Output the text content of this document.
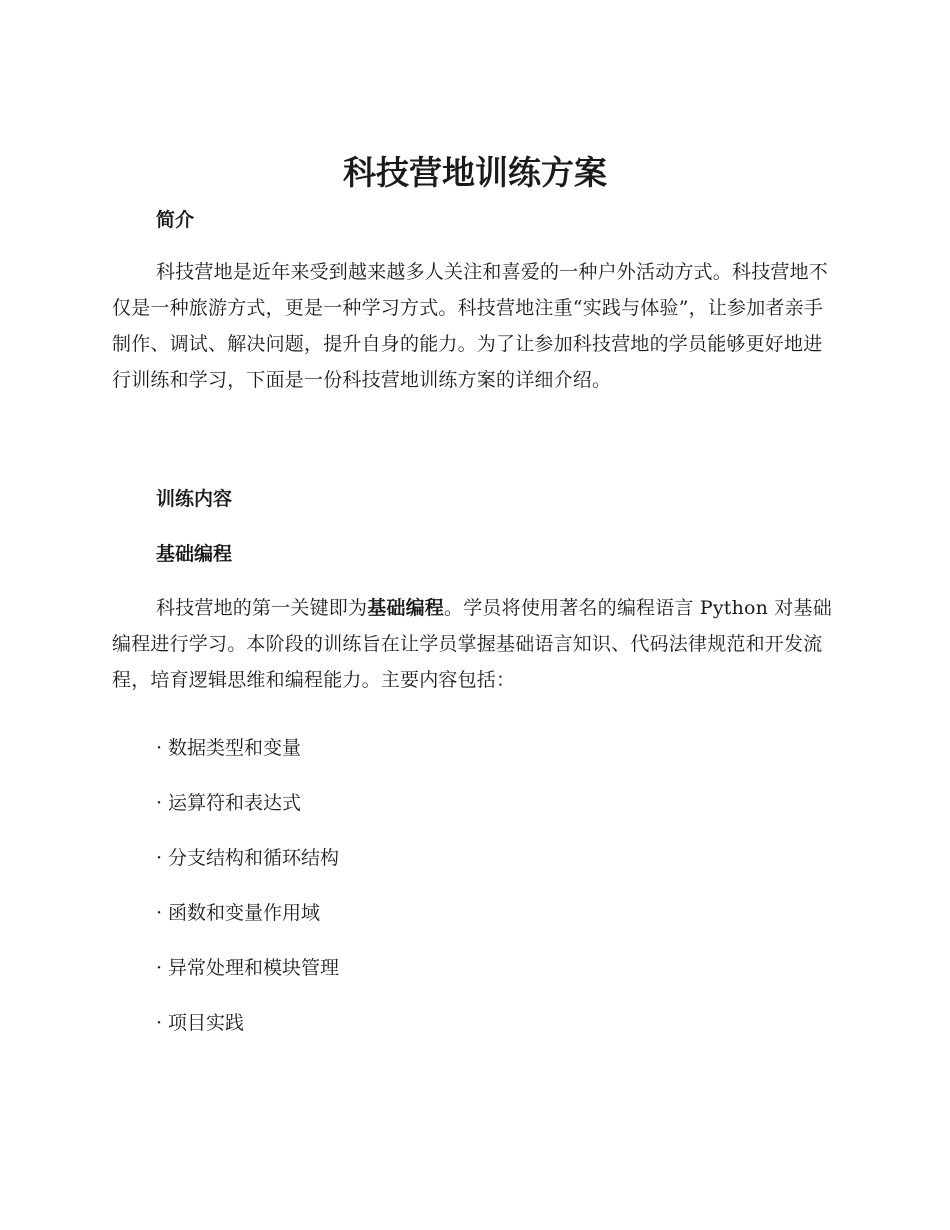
科技营地训练方案
简介

科技营地是近年来受到越来越多人关注和喜爱的一种户外活动方式。科技营地不仅是一种旅游方式，更是一种学习方式。科技营地注重“实践与体验”，让参加者亲手制作、调试、解决问题，提升自身的能力。为了让参加科技营地的学员能够更好地进行训练和学习，下面是一份科技营地训练方案的详细介绍。

训练内容
基础编程

科技营地的第一关键即为基础编程。学员将使用著名的编程语言 Python 对基础编程进行学习。本阶段的训练旨在让学员掌握基础语言知识、代码法律规范和开发流程，培育逻辑思维和编程能力。主要内容包括：

· 数据类型和变量
· 运算符和表达式
· 分支结构和循环结构
· 函数和变量作用域
· 异常处理和模块管理
· 项目实践
